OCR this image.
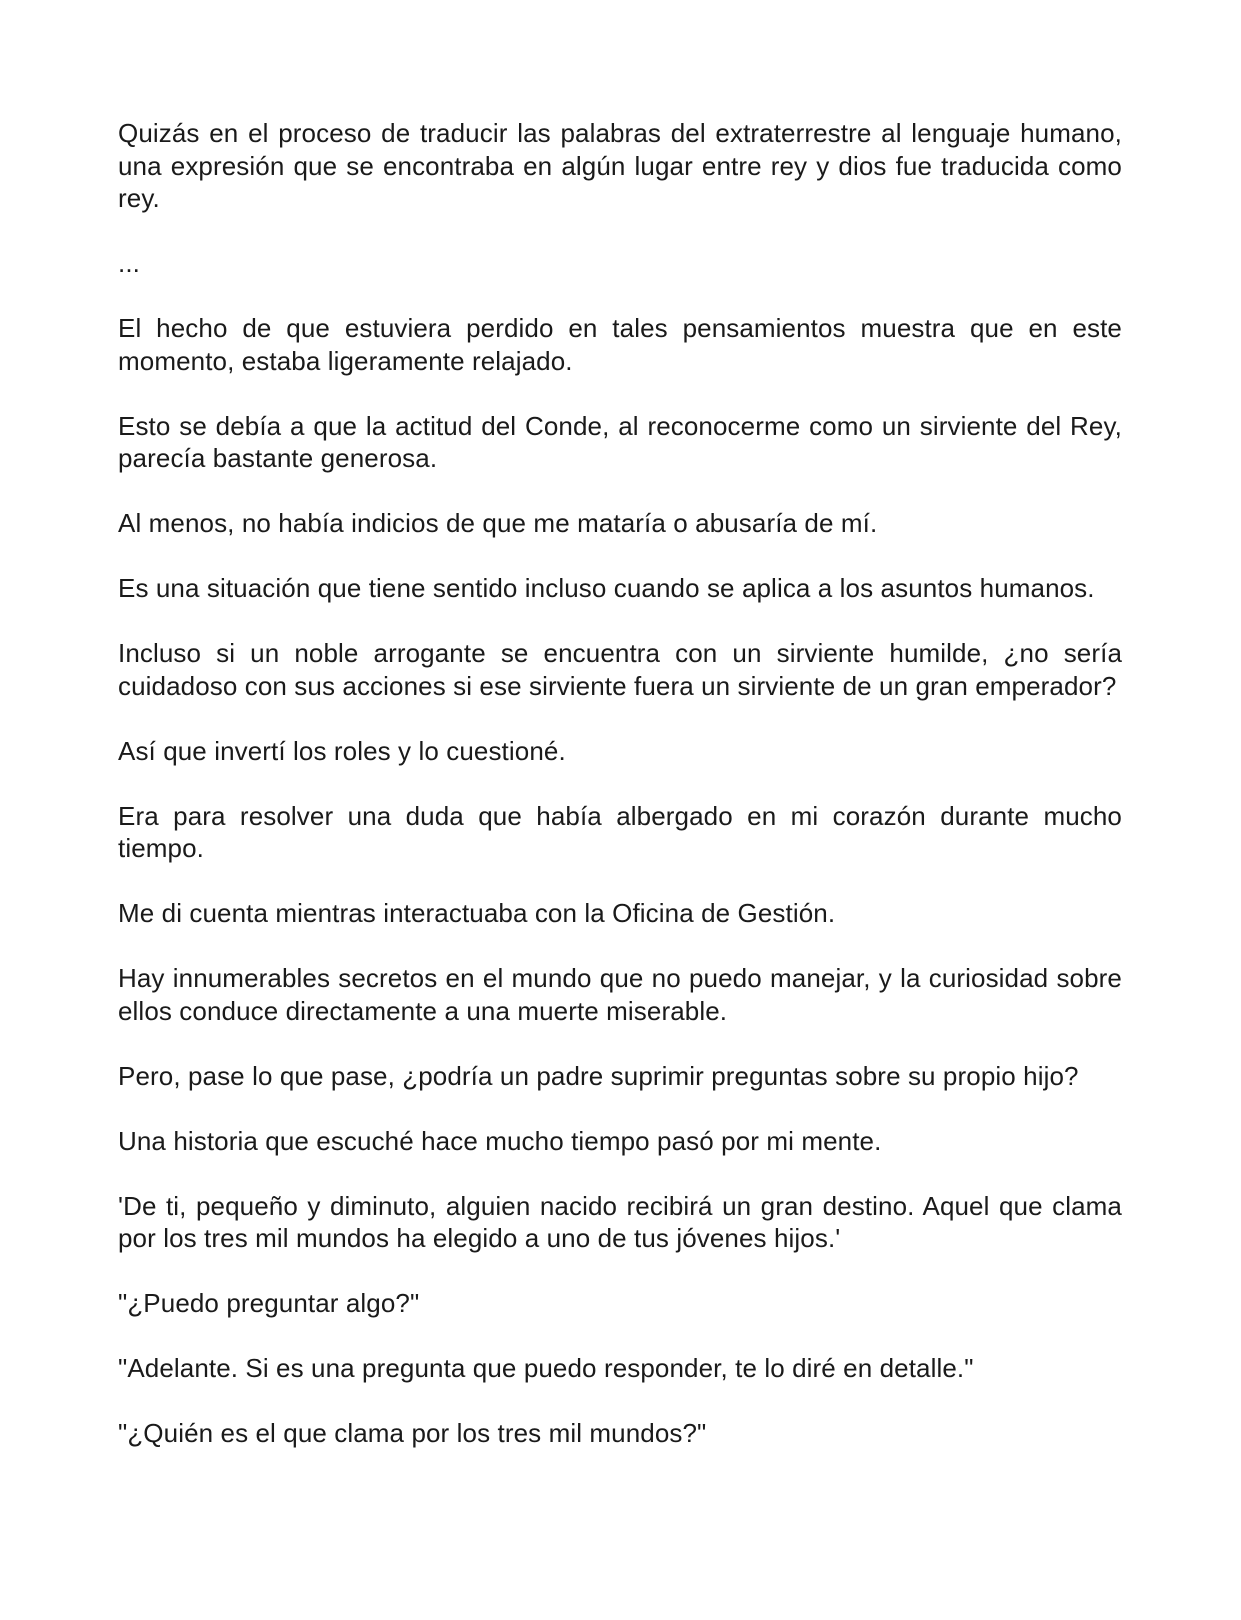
Quizás en el proceso de traducir las palabras del extraterrestre al lenguaje humano, una expresión que se encontraba en algún lugar entre rey y dios fue traducida como rey.

...

El hecho de que estuviera perdido en tales pensamientos muestra que en este momento, estaba ligeramente relajado.

Esto se debía a que la actitud del Conde, al reconocerme como un sirviente del Rey, parecía bastante generosa.

Al menos, no había indicios de que me mataría o abusaría de mí.

Es una situación que tiene sentido incluso cuando se aplica a los asuntos humanos.

Incluso si un noble arrogante se encuentra con un sirviente humilde, ¿no sería cuidadoso con sus acciones si ese sirviente fuera un sirviente de un gran emperador?

Así que invertí los roles y lo cuestioné.

Era para resolver una duda que había albergado en mi corazón durante mucho tiempo.

Me di cuenta mientras interactuaba con la Oficina de Gestión.

Hay innumerables secretos en el mundo que no puedo manejar, y la curiosidad sobre ellos conduce directamente a una muerte miserable.

Pero, pase lo que pase, ¿podría un padre suprimir preguntas sobre su propio hijo?

Una historia que escuché hace mucho tiempo pasó por mi mente.

'De ti, pequeño y diminuto, alguien nacido recibirá un gran destino. Aquel que clama por los tres mil mundos ha elegido a uno de tus jóvenes hijos.'

"¿Puedo preguntar algo?"

"Adelante. Si es una pregunta que puedo responder, te lo diré en detalle."

"¿Quién es el que clama por los tres mil mundos?"
